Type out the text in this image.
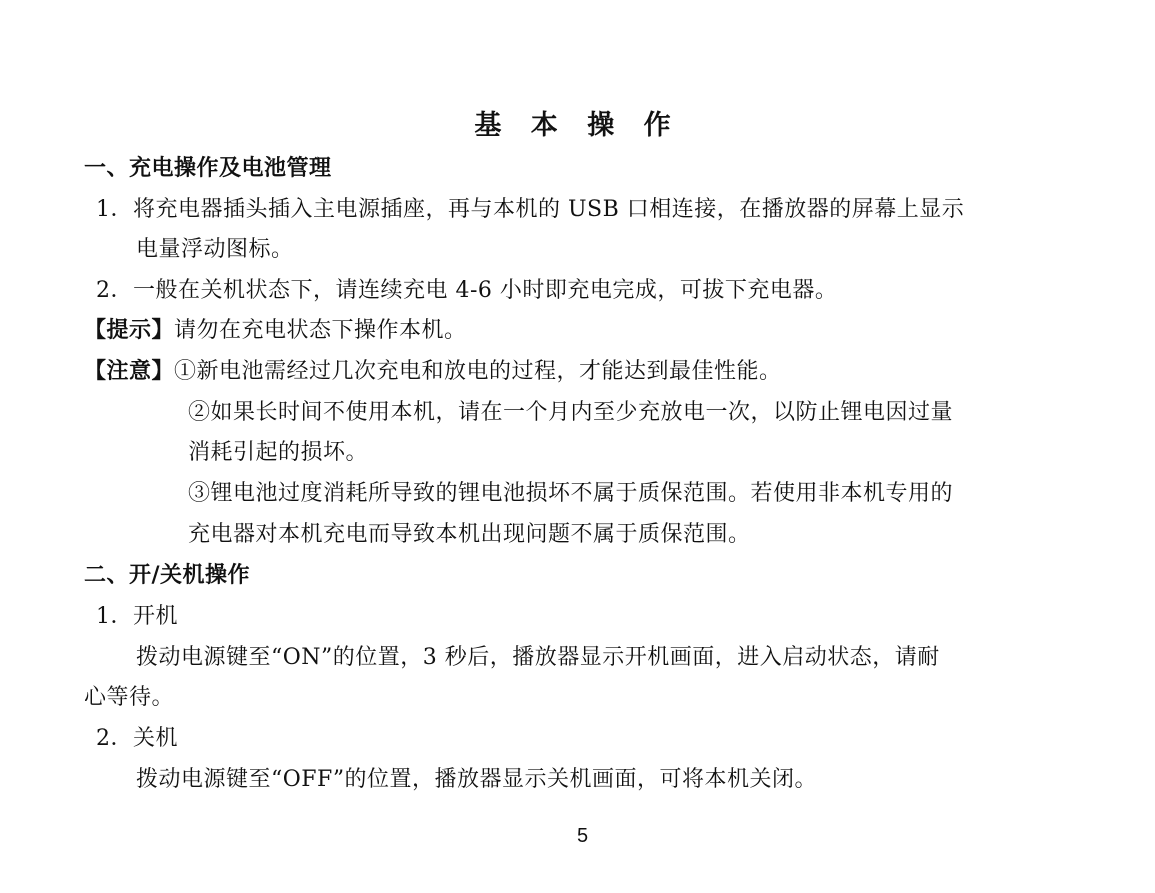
基 本 操 作
一、充电操作及电池管理
1．将充电器插头插入主电源插座，再与本机的 USB 口相连接，在播放器的屏幕上显示
电量浮动图标。
2．一般在关机状态下，请连续充电 4-6 小时即充电完成，可拔下充电器。
【提示】请勿在充电状态下操作本机。
【注意】①新电池需经过几次充电和放电的过程，才能达到最佳性能。
②如果长时间不使用本机，请在一个月内至少充放电一次，以防止锂电因过量
消耗引起的损坏。
③锂电池过度消耗所导致的锂电池损坏不属于质保范围。若使用非本机专用的
充电器对本机充电而导致本机出现问题不属于质保范围。
二、开/关机操作
1．开机
拨动电源键至“ON”的位置，3 秒后，播放器显示开机画面，进入启动状态，请耐
心等待。
2．关机
拨动电源键至“OFF”的位置，播放器显示关机画面，可将本机关闭。
5
